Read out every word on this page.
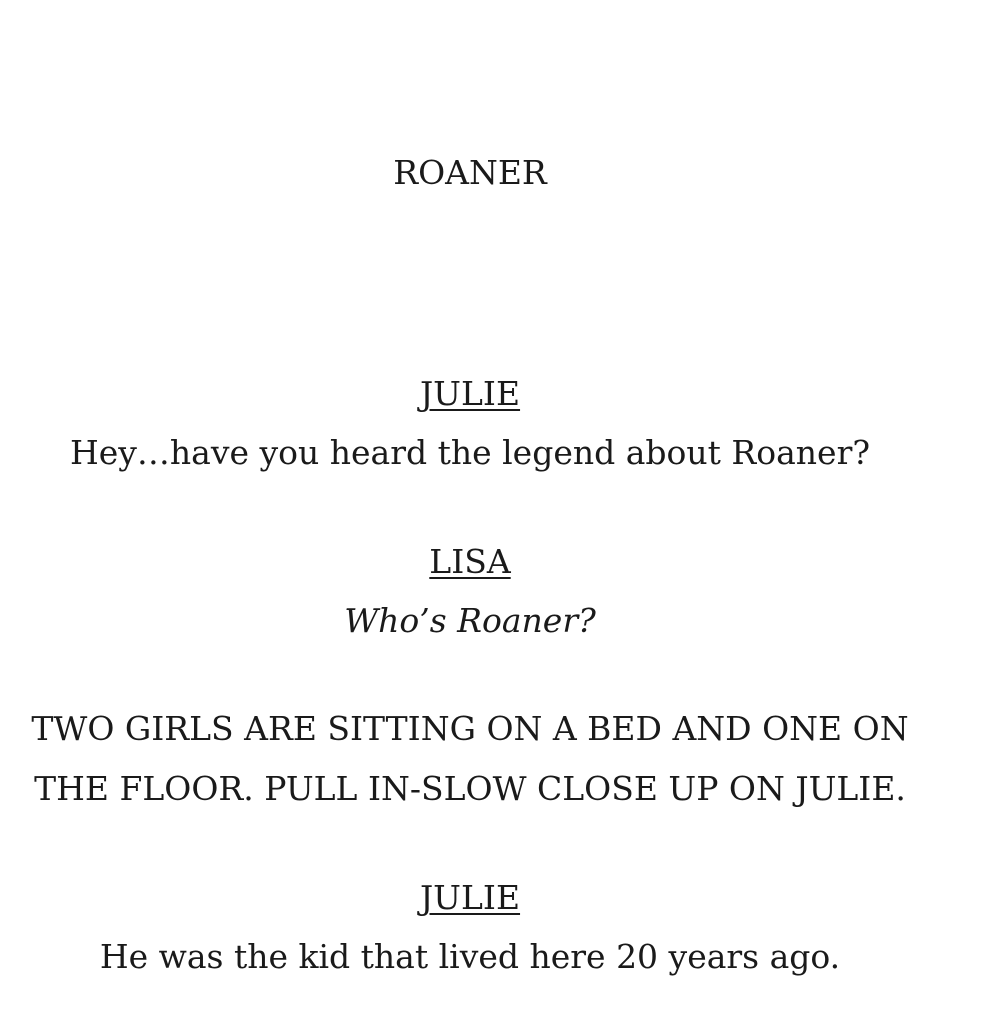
ROANER
JULIE
Hey…have you heard the legend about Roaner?
LISA
Who’s Roaner?
TWO GIRLS ARE SITTING ON A BED AND ONE ON
THE FLOOR. PULL IN-SLOW CLOSE UP ON JULIE.
JULIE
He was the kid that lived here 20 years ago.
